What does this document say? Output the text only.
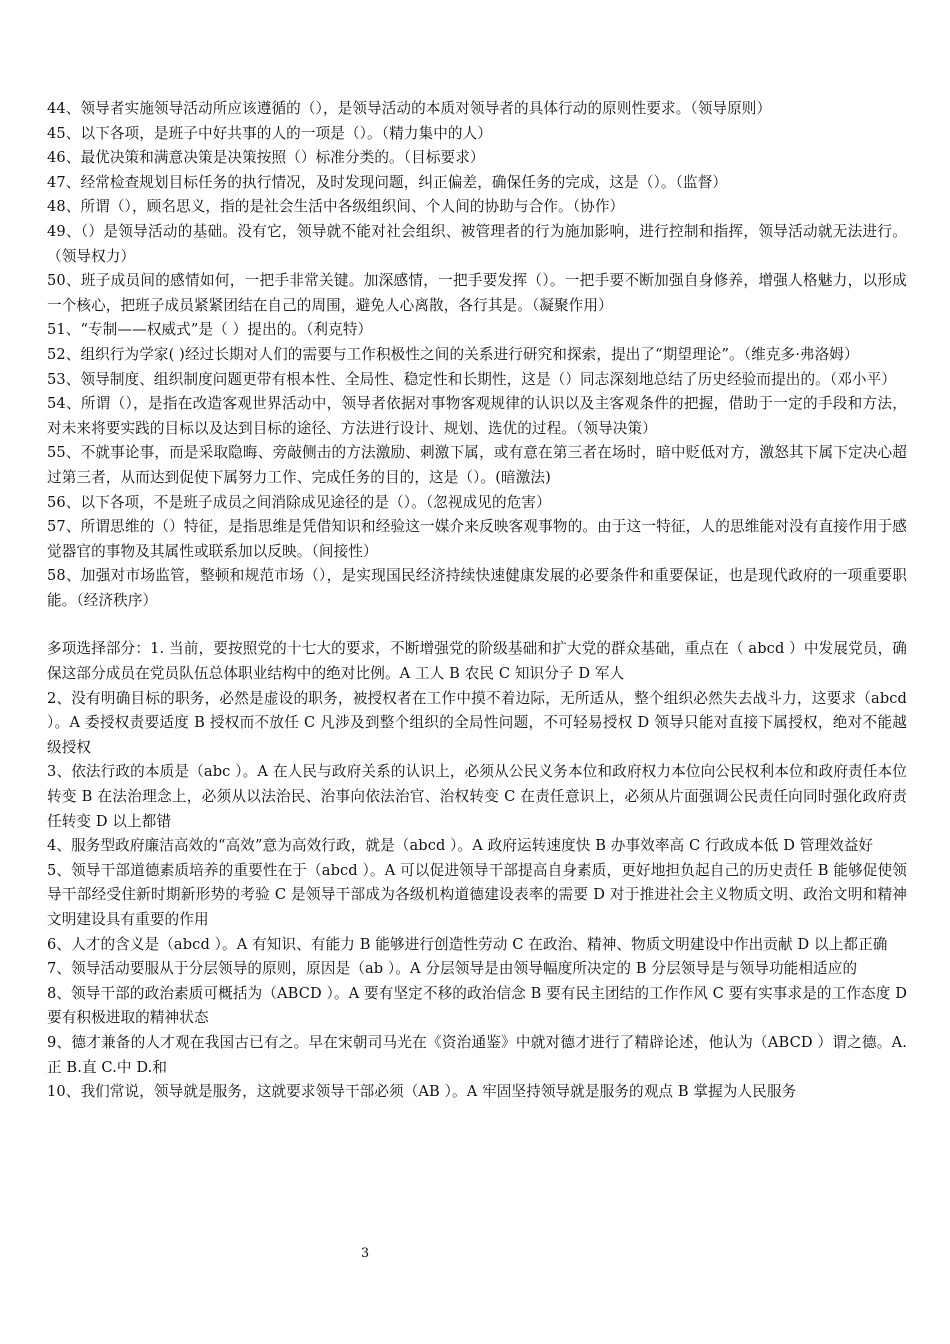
44、领导者实施领导活动所应该遵循的（），是领导活动的本质对领导者的具体行动的原则性要求。（领导原则）

45、以下各项，是班子中好共事的人的一项是（）。（精力集中的人）

46、最优决策和满意决策是决策按照（）标准分类的。（目标要求）

47、经常检查规划目标任务的执行情况，及时发现问题，纠正偏差，确保任务的完成，这是（）。（监督）

48、所谓（），顾名思义，指的是社会生活中各级组织间、个人间的协助与合作。（协作）

49、（）是领导活动的基础。没有它，领导就不能对社会组织、被管理者的行为施加影响，进行控制和指挥，领导活动就无法进行。（领导权力）

50、班子成员间的感情如何，一把手非常关键。加深感情，一把手要发挥（）。一把手要不断加强自身修养，增强人格魅力，以形成一个核心，把班子成员紧紧团结在自己的周围，避免人心离散，各行其是。（凝聚作用）

51、“专制——权威式”是（ ）提出的。（利克特）

52、组织行为学家( )经过长期对人们的需要与工作积极性之间的关系进行研究和探索，提出了“期望理论”。（维克多·弗洛姆）

53、领导制度、组织制度问题更带有根本性、全局性、稳定性和长期性，这是（）同志深刻地总结了历史经验而提出的。（邓小平）

54、所谓（），是指在改造客观世界活动中，领导者依据对事物客观规律的认识以及主客观条件的把握，借助于一定的手段和方法，对未来将要实践的目标以及达到目标的途径、方法进行设计、规划、选优的过程。（领导决策）

55、不就事论事，而是采取隐晦、旁敲侧击的方法激励、刺激下属，或有意在第三者在场时，暗中贬低对方，激怒其下属下定决心超过第三者，从而达到促使下属努力工作、完成任务的目的，这是（）。(暗激法)

56、以下各项，不是班子成员之间消除成见途径的是（）。（忽视成见的危害）

57、所谓思维的（）特征，是指思维是凭借知识和经验这一媒介来反映客观事物的。由于这一特征，人的思维能对没有直接作用于感觉器官的事物及其属性或联系加以反映。（间接性）

58、加强对市场监管，整顿和规范市场（），是实现国民经济持续快速健康发展的必要条件和重要保证，也是现代政府的一项重要职能。（经济秩序）

多项选择部分：1. 当前，要按照党的十七大的要求，不断增强党的阶级基础和扩大党的群众基础，重点在（ abcd ）中发展党员，确保这部分成员在党员队伍总体职业结构中的绝对比例。A 工人 B 农民 C 知识分子 D 军人

2、没有明确目标的职务，必然是虚设的职务，被授权者在工作中摸不着边际，无所适从，整个组织必然失去战斗力，这要求（abcd ）。A 委授权责要适度 B 授权而不放任 C 凡涉及到整个组织的全局性问题，不可轻易授权 D 领导只能对直接下属授权，绝对不能越级授权

3、依法行政的本质是（abc ）。A 在人民与政府关系的认识上，必须从公民义务本位和政府权力本位向公民权利本位和政府责任本位转变 B 在法治理念上，必须从以法治民、治事向依法治官、治权转变 C 在责任意识上，必须从片面强调公民责任向同时强化政府责任转变 D 以上都错

4、服务型政府廉洁高效的“高效”意为高效行政，就是（abcd ）。A 政府运转速度快 B 办事效率高 C 行政成本低 D 管理效益好

5、领导干部道德素质培养的重要性在于（abcd ）。A 可以促进领导干部提高自身素质，更好地担负起自己的历史责任 B 能够促使领导干部经受住新时期新形势的考验 C 是领导干部成为各级机构道德建设表率的需要 D 对于推进社会主义物质文明、政治文明和精神文明建设具有重要的作用

6、人才的含义是（abcd ）。A 有知识、有能力 B 能够进行创造性劳动 C 在政治、精神、物质文明建设中作出贡献 D 以上都正确

7、领导活动要服从于分层领导的原则，原因是（ab ）。A 分层领导是由领导幅度所决定的 B 分层领导是与领导功能相适应的

8、领导干部的政治素质可概括为（ABCD ）。A 要有坚定不移的政治信念 B 要有民主团结的工作作风 C 要有实事求是的工作态度 D 要有积极进取的精神状态

9、德才兼备的人才观在我国古已有之。早在宋朝司马光在《资治通鉴》中就对德才进行了精辟论述，他认为（ABCD ）谓之德。A.正 B.直 C.中 D.和

10、我们常说，领导就是服务，这就要求领导干部必须（AB ）。A 牢固坚持领导就是服务的观点 B 掌握为人民服务

3
